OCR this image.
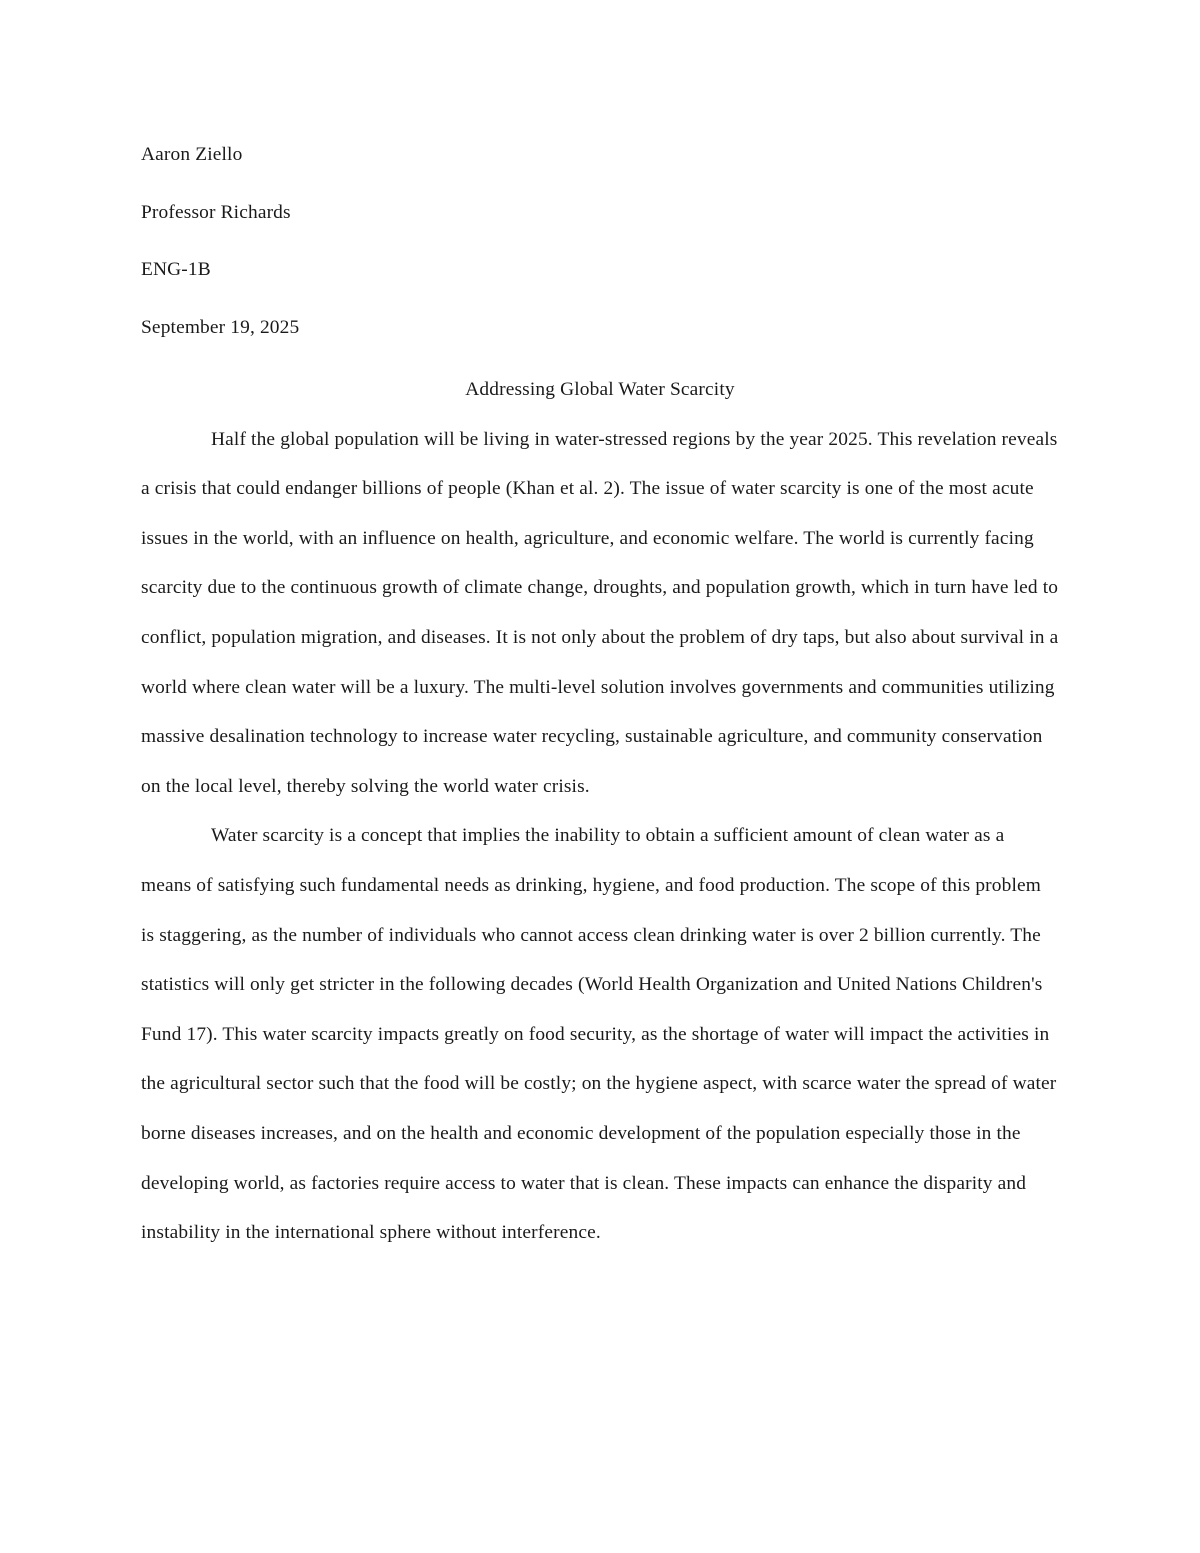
Aaron Ziello

Professor Richards

ENG-1B

September 19, 2025

Addressing Global Water Scarcity

Half the global population will be living in water-stressed regions by the year 2025. This revelation reveals a crisis that could endanger billions of people (Khan et al. 2). The issue of water scarcity is one of the most acute issues in the world, with an influence on health, agriculture, and economic welfare. The world is currently facing scarcity due to the continuous growth of climate change, droughts, and population growth, which in turn have led to conflict, population migration, and diseases. It is not only about the problem of dry taps, but also about survival in a world where clean water will be a luxury. The multi-level solution involves governments and communities utilizing massive desalination technology to increase water recycling, sustainable agriculture, and community conservation on the local level, thereby solving the world water crisis.

Water scarcity is a concept that implies the inability to obtain a sufficient amount of clean water as a means of satisfying such fundamental needs as drinking, hygiene, and food production. The scope of this problem is staggering, as the number of individuals who cannot access clean drinking water is over 2 billion currently. The statistics will only get stricter in the following decades (World Health Organization and United Nations Children's Fund 17). This water scarcity impacts greatly on food security, as the shortage of water will impact the activities in the agricultural sector such that the food will be costly; on the hygiene aspect, with scarce water the spread of water borne diseases increases, and on the health and economic development of the population especially those in the developing world, as factories require access to water that is clean. These impacts can enhance the disparity and instability in the international sphere without interference.
